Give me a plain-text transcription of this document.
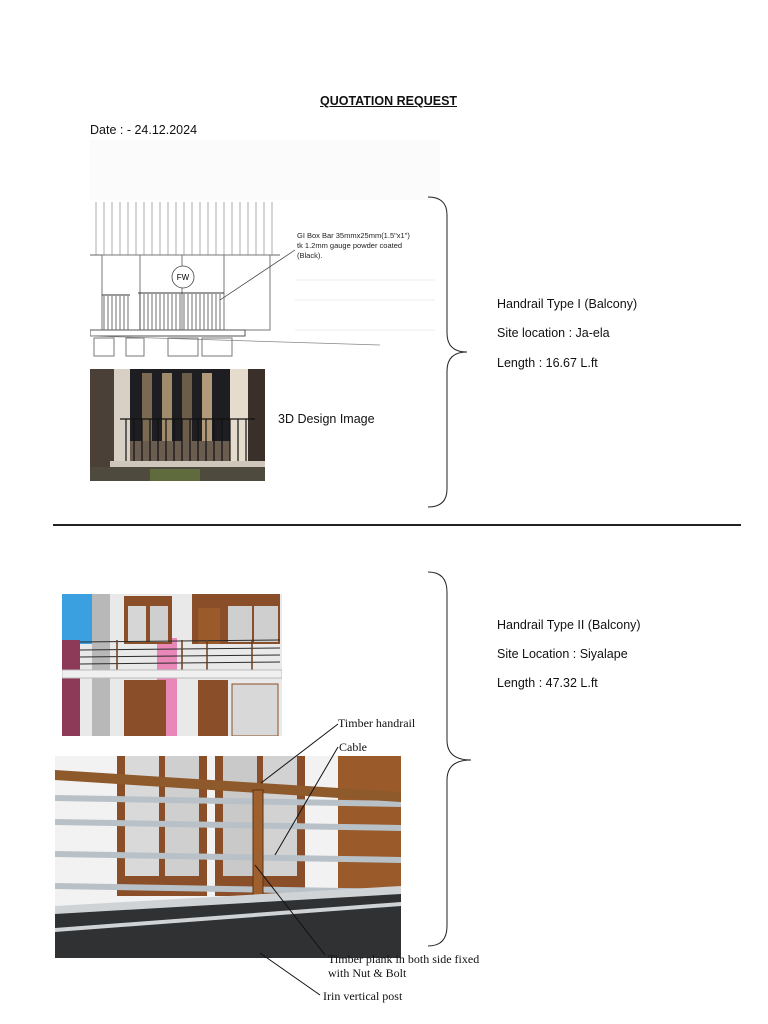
QUOTATION REQUEST
Date : - 24.12.2024
FW
GI Box Bar 35mmx25mm(1.5"x1") tk 1.2mm gauge powder coated (Black).
3D Design Image
Handrail Type I (Balcony)
Site location : Ja-ela
Length : 16.67 L.ft
Timber handrail
Cable
Timber plank in both side fixed
with Nut & Bolt
Irin vertical post
Handrail Type II (Balcony)
Site Location : Siyalape
Length : 47.32 L.ft
